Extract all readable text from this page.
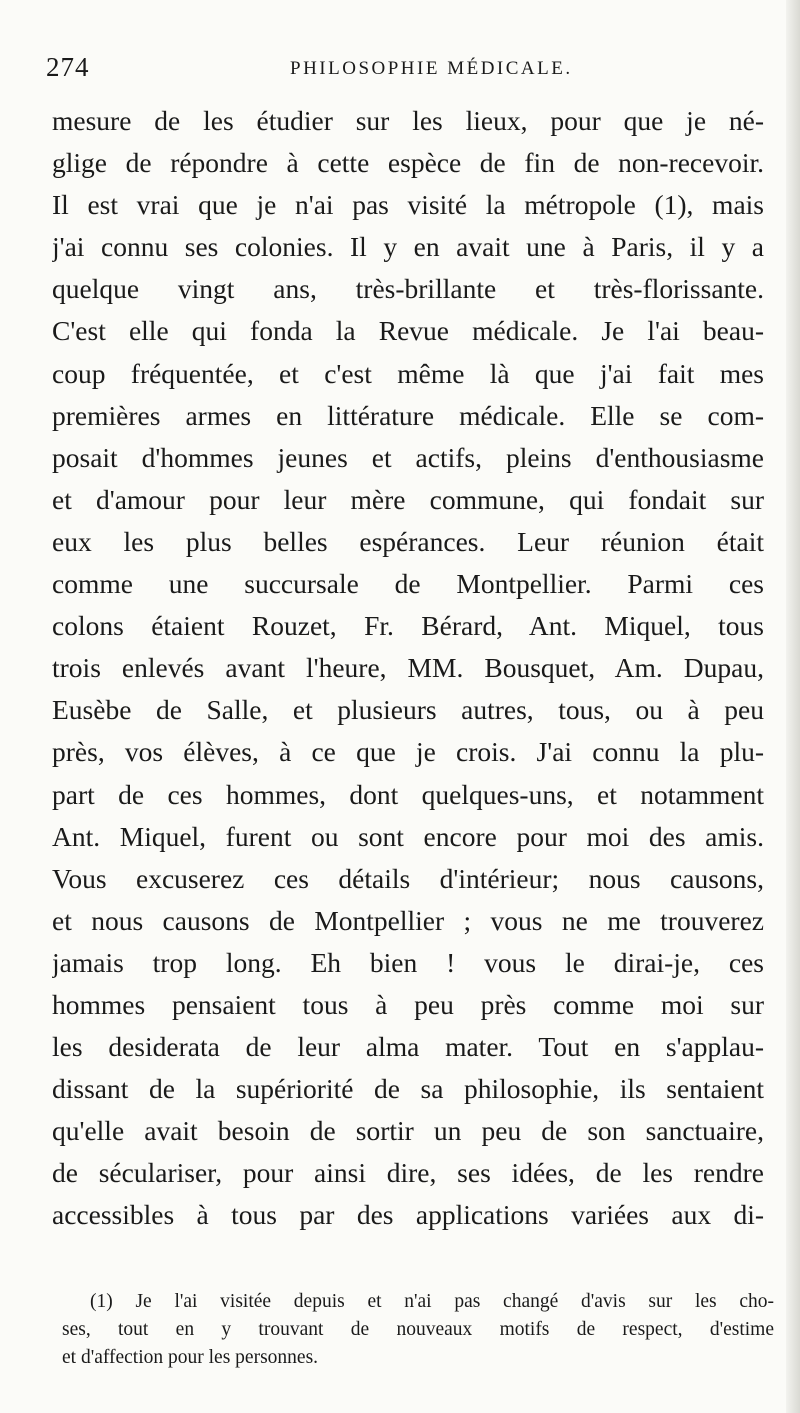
274	PHILOSOPHIE MÉDICALE.
mesure de les étudier sur les lieux, pour que je né-
glige de répondre à cette espèce de fin de non-recevoir.
Il est vrai que je n'ai pas visité la métropole (1), mais
j'ai connu ses colonies. Il y en avait une à Paris, il y a
quelque vingt ans, très-brillante et très-florissante.
C'est elle qui fonda la Revue médicale. Je l'ai beau-
coup fréquentée, et c'est même là que j'ai fait mes
premières armes en littérature médicale. Elle se com-
posait d'hommes jeunes et actifs, pleins d'enthousiasme
et d'amour pour leur mère commune, qui fondait sur
eux les plus belles espérances. Leur réunion était
comme une succursale de Montpellier. Parmi ces
colons étaient Rouzet, Fr. Bérard, Ant. Miquel, tous
trois enlevés avant l'heure, MM. Bousquet, Am. Dupau,
Eusèbe de Salle, et plusieurs autres, tous, ou à peu
près, vos élèves, à ce que je crois. J'ai connu la plu-
part de ces hommes, dont quelques-uns, et notamment
Ant. Miquel, furent ou sont encore pour moi des amis.
Vous excuserez ces détails d'intérieur; nous causons,
et nous causons de Montpellier ; vous ne me trouverez
jamais trop long. Eh bien ! vous le dirai-je, ces
hommes pensaient tous à peu près comme moi sur
les desiderata de leur alma mater. Tout en s'applau-
dissant de la supériorité de sa philosophie, ils sentaient
qu'elle avait besoin de sortir un peu de son sanctuaire,
de séculariser, pour ainsi dire, ses idées, de les rendre
accessibles à tous par des applications variées aux di-
(1) Je l'ai visitée depuis et n'ai pas changé d'avis sur les cho-
ses, tout en y trouvant de nouveaux motifs de respect, d'estime
et d'affection pour les personnes.
